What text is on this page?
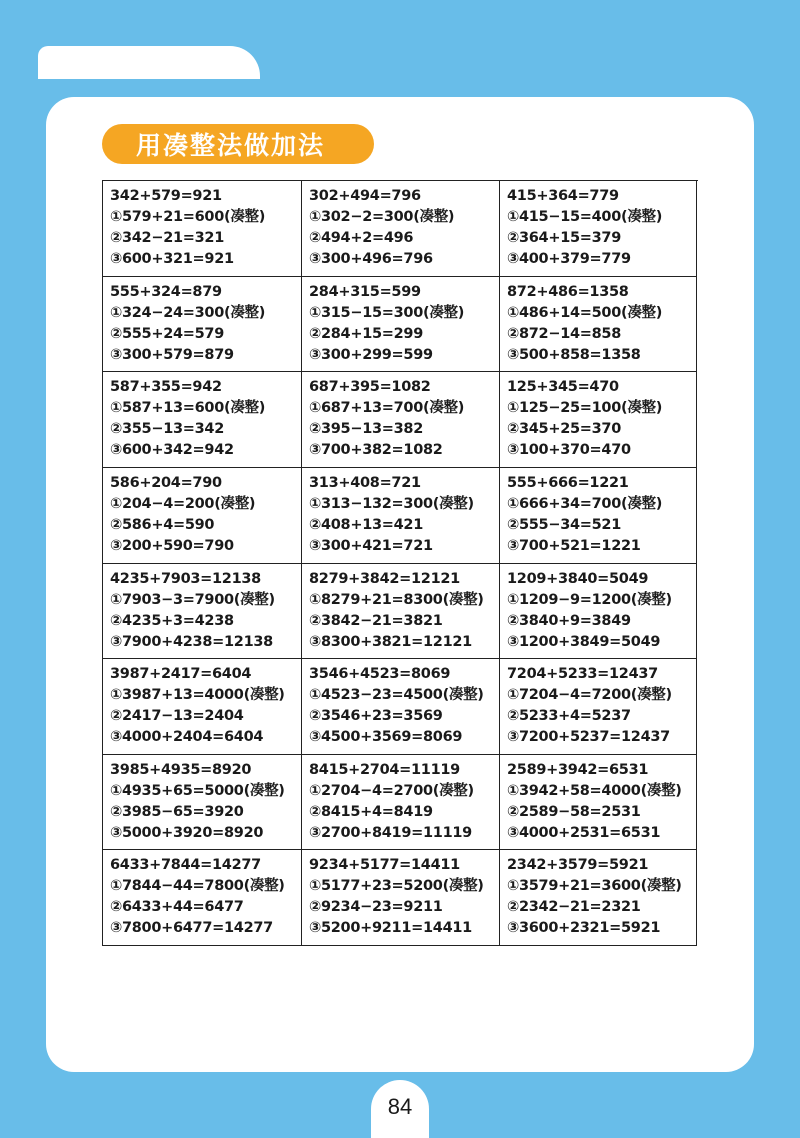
用凑整法做加法
342+579=921
①579+21=600(凑整)
②342−21=321
③600+321=921
302+494=796
①302−2=300(凑整)
②494+2=496
③300+496=796
415+364=779
①415−15=400(凑整)
②364+15=379
③400+379=779
555+324=879
①324−24=300(凑整)
②555+24=579
③300+579=879
284+315=599
①315−15=300(凑整)
②284+15=299
③300+299=599
872+486=1358
①486+14=500(凑整)
②872−14=858
③500+858=1358
587+355=942
①587+13=600(凑整)
②355−13=342
③600+342=942
687+395=1082
①687+13=700(凑整)
②395−13=382
③700+382=1082
125+345=470
①125−25=100(凑整)
②345+25=370
③100+370=470
586+204=790
①204−4=200(凑整)
②586+4=590
③200+590=790
313+408=721
①313−132=300(凑整)
②408+13=421
③300+421=721
555+666=1221
①666+34=700(凑整)
②555−34=521
③700+521=1221
4235+7903=12138
①7903−3=7900(凑整)
②4235+3=4238
③7900+4238=12138
8279+3842=12121
①8279+21=8300(凑整)
②3842−21=3821
③8300+3821=12121
1209+3840=5049
①1209−9=1200(凑整)
②3840+9=3849
③1200+3849=5049
3987+2417=6404
①3987+13=4000(凑整)
②2417−13=2404
③4000+2404=6404
3546+4523=8069
①4523−23=4500(凑整)
②3546+23=3569
③4500+3569=8069
7204+5233=12437
①7204−4=7200(凑整)
②5233+4=5237
③7200+5237=12437
3985+4935=8920
①4935+65=5000(凑整)
②3985−65=3920
③5000+3920=8920
8415+2704=11119
①2704−4=2700(凑整)
②8415+4=8419
③2700+8419=11119
2589+3942=6531
①3942+58=4000(凑整)
②2589−58=2531
③4000+2531=6531
6433+7844=14277
①7844−44=7800(凑整)
②6433+44=6477
③7800+6477=14277
9234+5177=14411
①5177+23=5200(凑整)
②9234−23=9211
③5200+9211=14411
2342+3579=5921
①3579+21=3600(凑整)
②2342−21=2321
③3600+2321=5921
84
